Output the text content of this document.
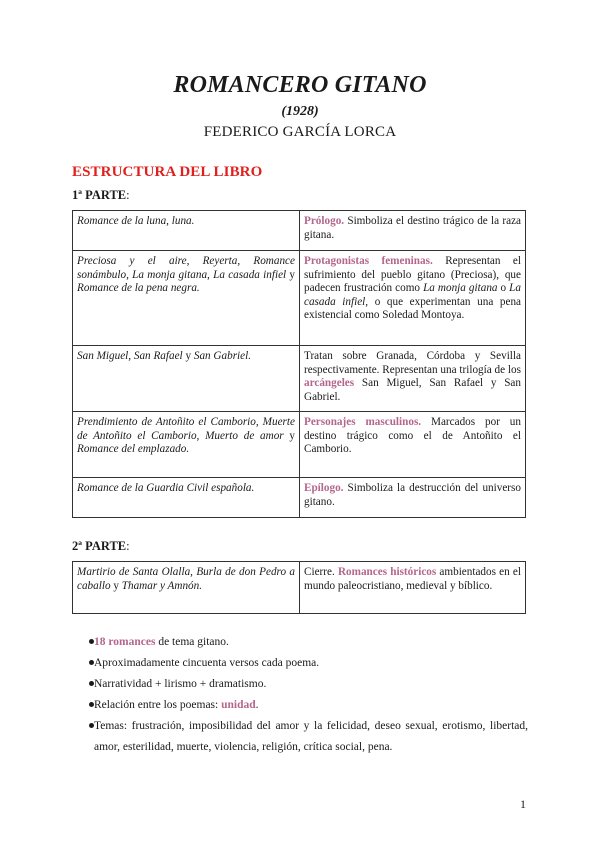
ROMANCERO GITANO
(1928)
FEDERICO GARCÍA LORCA
ESTRUCTURA DEL LIBRO
1ª PARTE:
Romance de la luna, luna.	Prólogo. Simboliza el destino trágico de la raza gitana.
Preciosa y el aire, Reyerta, Romance sonámbulo, La monja gitana, La casada infiel y Romance de la pena negra.	Protagonistas femeninas. Representan el sufrimiento del pueblo gitano (Preciosa), que padecen frustración como La monja gitana o La casada infiel, o que experimentan una pena existencial como Soledad Montoya.
San Miguel, San Rafael y San Gabriel.	Tratan sobre Granada, Córdoba y Sevilla respectivamente. Representan una trilogía de los arcángeles San Miguel, San Rafael y San Gabriel.
Prendimiento de Antoñito el Camborio, Muerte de Antoñito el Camborio, Muerto de amor y Romance del emplazado.	Personajes masculinos. Marcados por un destino trágico como el de Antoñito el Camborio.
Romance de la Guardia Civil española.	Epílogo. Simboliza la destrucción del universo gitano.
2ª PARTE:
Martirio de Santa Olalla, Burla de don Pedro a caballo y Thamar y Amnón.	Cierre. Romances históricos ambientados en el mundo paleocristiano, medieval y bíblico.
18 romances de tema gitano.
Aproximadamente cincuenta versos cada poema.
Narratividad + lirismo + dramatismo.
Relación entre los poemas: unidad.
Temas: frustración, imposibilidad del amor y la felicidad, deseo sexual, erotismo, libertad, amor, esterilidad, muerte, violencia, religión, crítica social, pena.
1
